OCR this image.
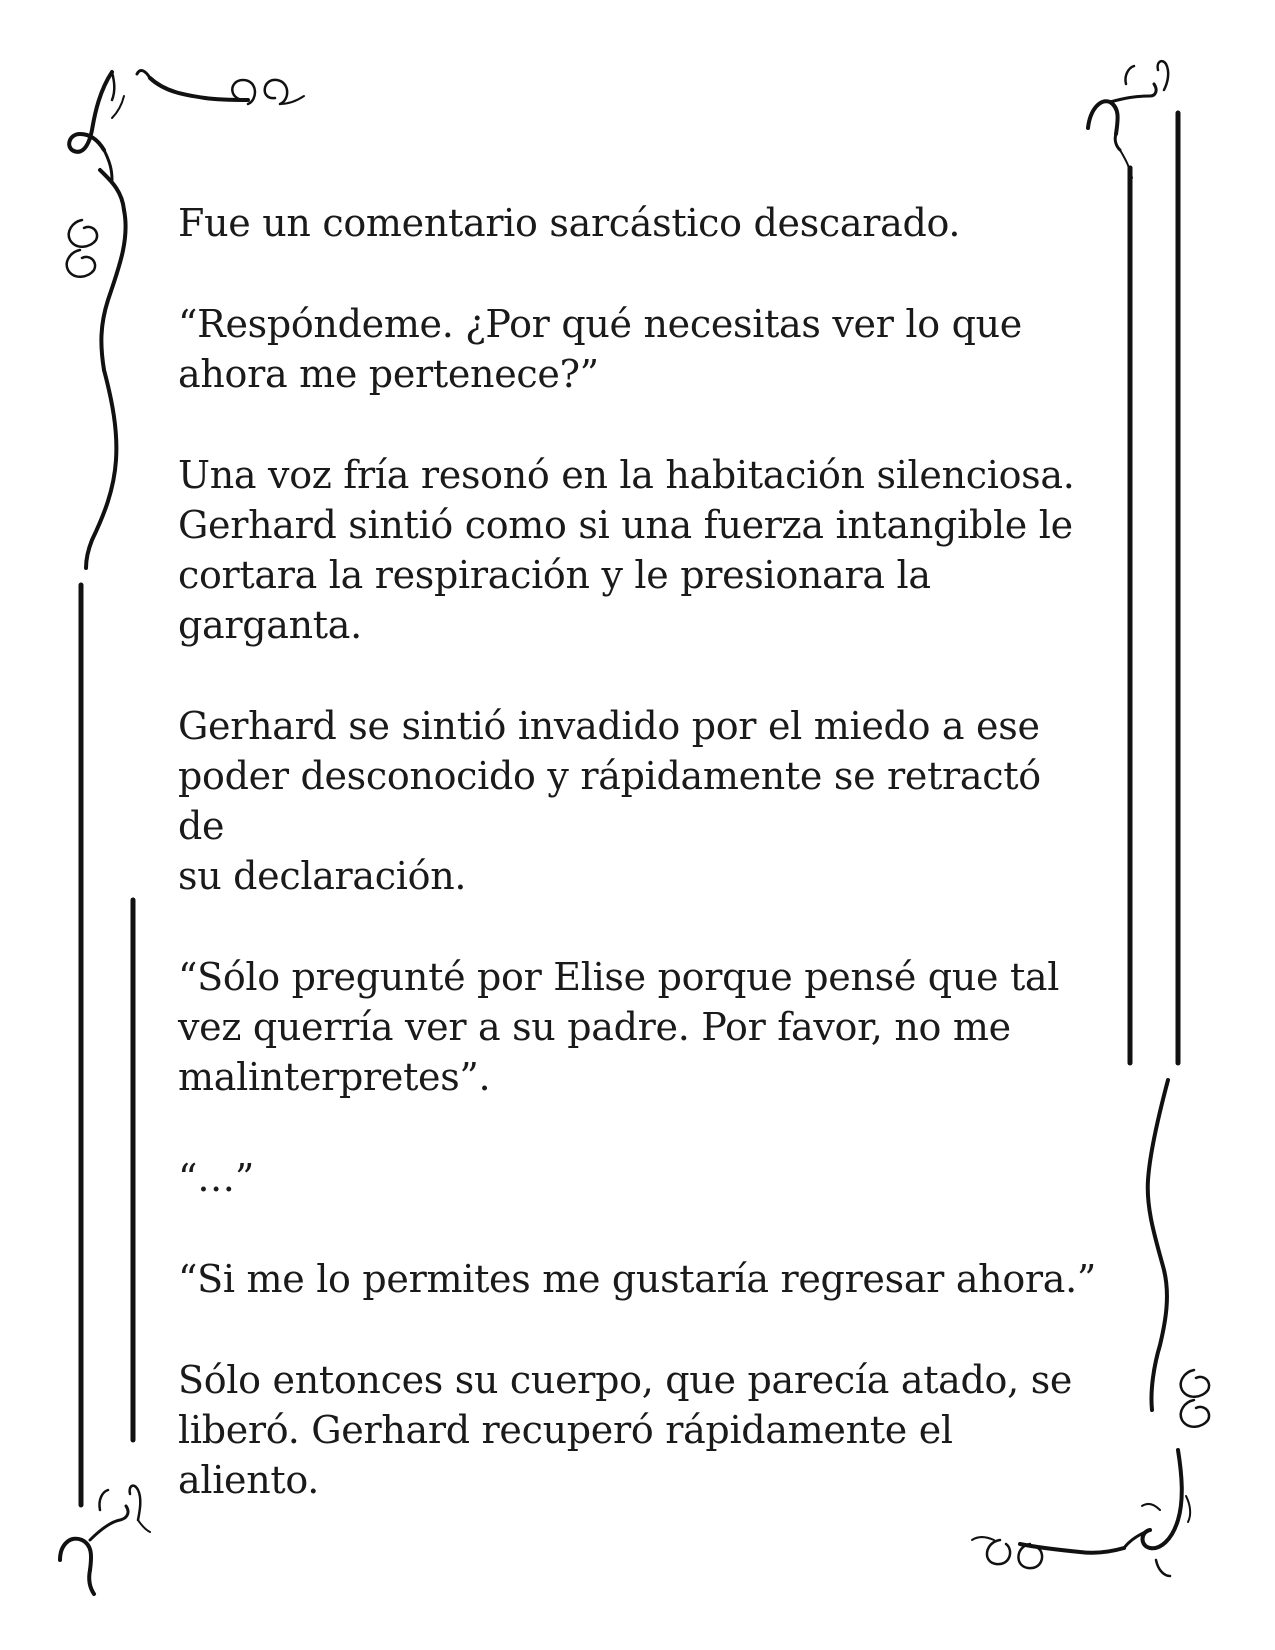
Fue un comentario sarcástico descarado.

“Respóndeme. ¿Por qué necesitas ver lo que
ahora me pertenece?”

Una voz fría resonó en la habitación silenciosa.
Gerhard sintió como si una fuerza intangible le
cortara la respiración y le presionara la
garganta.

Gerhard se sintió invadido por el miedo a ese
poder desconocido y rápidamente se retractó de
su declaración.

“Sólo pregunté por Elise porque pensé que tal
vez querría ver a su padre. Por favor, no me
malinterpretes”.

“…”

“Si me lo permites me gustaría regresar ahora.”

Sólo entonces su cuerpo, que parecía atado, se
liberó. Gerhard recuperó rápidamente el
aliento.
